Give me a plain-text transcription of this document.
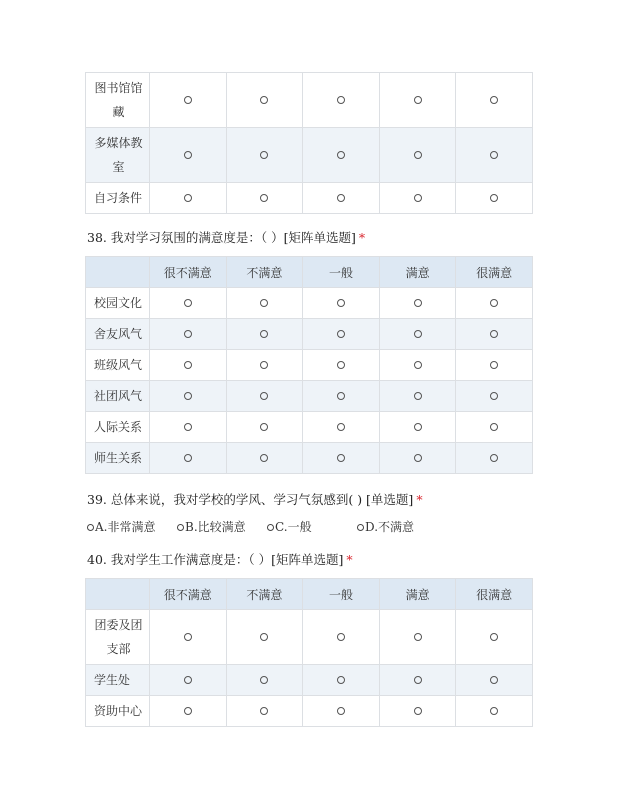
图书馆馆藏					
多媒体教室					
自习条件					
38. 我对学习氛围的满意度是：（ ）[矩阵单选题] *
	很不满意	不满意	一般	满意	很满意
校园文化					
舍友风气					
班级风气					
社团风气					
人际关系					
师生关系					
39. 总体来说，我对学校的学风、学习气氛感到( ) [单选题] *
A.非常满意	B.比较满意	C.一般	D.不满意
40. 我对学生工作满意度是：（ ）[矩阵单选题] *
	很不满意	不满意	一般	满意	很满意
团委及团支部					
学生处					
资助中心					
